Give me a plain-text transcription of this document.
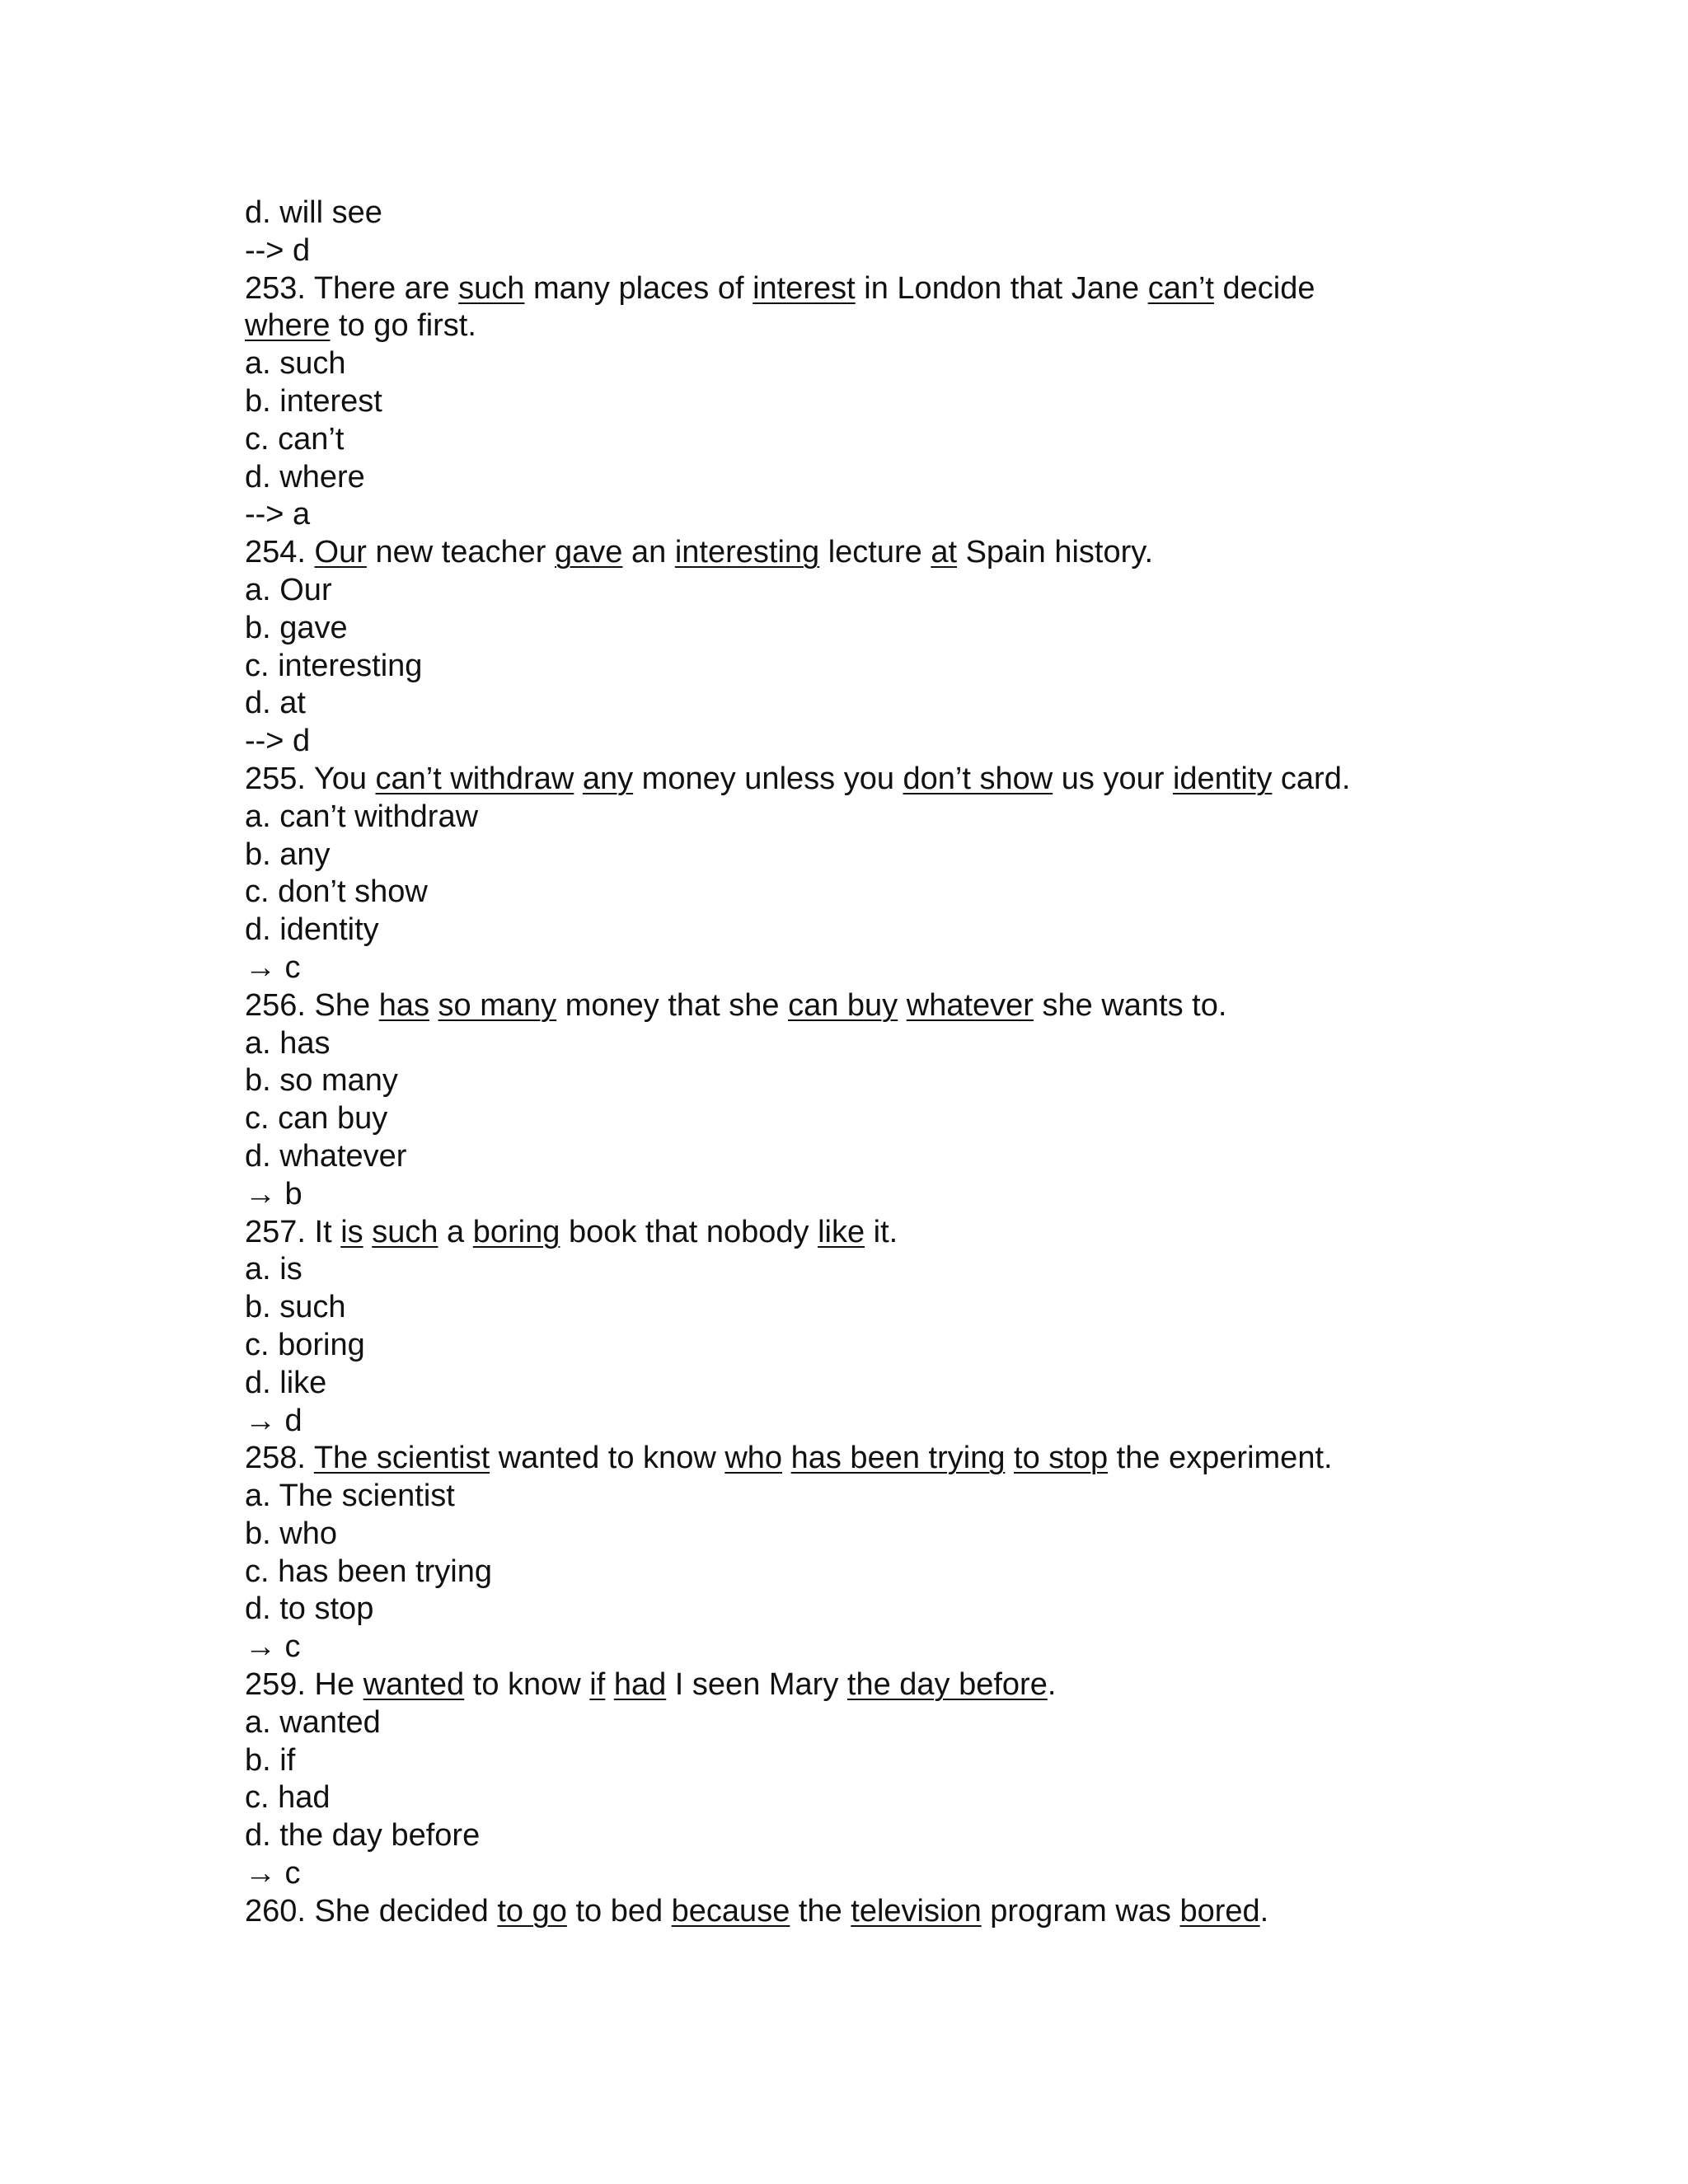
d. will see
--> d
253. There are such many places of interest in London that Jane can’t decide
where to go first.
a. such
b. interest
c. can’t
d. where
--> a
254. Our new teacher gave an interesting lecture at Spain history.
a. Our
b. gave
c. interesting
d. at
--> d
255. You can’t withdraw any money unless you don’t show us your identity card.
a. can’t withdraw
b. any
c. don’t show
d. identity
→ c
256. She has so many money that she can buy whatever she wants to.
a. has
b. so many
c. can buy
d. whatever
→ b
257. It is such a boring book that nobody like it.
a. is
b. such
c. boring
d. like
→ d
258. The scientist wanted to know who has been trying to stop the experiment.
a. The scientist
b. who
c. has been trying
d. to stop
→ c
259. He wanted to know if had I seen Mary the day before.
a. wanted
b. if
c. had
d. the day before
→ c
260. She decided to go to bed because the television program was bored.
